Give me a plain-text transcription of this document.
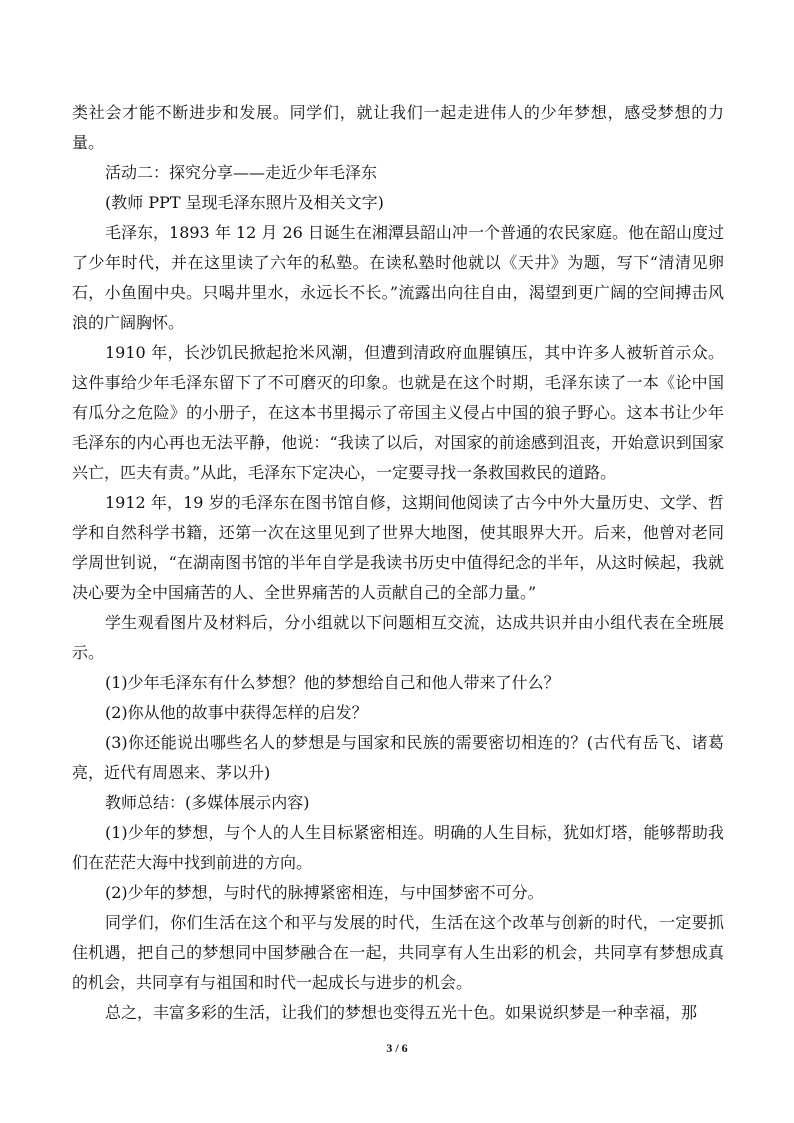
类社会才能不断进步和发展。同学们，就让我们一起走进伟人的少年梦想，感受梦想的力量。

活动二：探究分享——走近少年毛泽东

(教师 PPT 呈现毛泽东照片及相关文字)

毛泽东，1893 年 12 月 26 日诞生在湘潭县韶山冲一个普通的农民家庭。他在韶山度过了少年时代，并在这里读了六年的私塾。在读私塾时他就以《天井》为题，写下“清清见卵石，小鱼囿中央。只喝井里水，永远长不长。”流露出向往自由，渴望到更广阔的空间搏击风浪的广阔胸怀。

1910 年，长沙饥民掀起抢米风潮，但遭到清政府血腥镇压，其中许多人被斩首示众。这件事给少年毛泽东留下了不可磨灭的印象。也就是在这个时期，毛泽东读了一本《论中国有瓜分之危险》的小册子，在这本书里揭示了帝国主义侵占中国的狼子野心。这本书让少年毛泽东的内心再也无法平静，他说：“我读了以后，对国家的前途感到沮丧，开始意识到国家兴亡，匹夫有责。”从此，毛泽东下定决心，一定要寻找一条救国救民的道路。

1912 年，19 岁的毛泽东在图书馆自修，这期间他阅读了古今中外大量历史、文学、哲学和自然科学书籍，还第一次在这里见到了世界大地图，使其眼界大开。后来，他曾对老同学周世钊说，“在湖南图书馆的半年自学是我读书历史中值得纪念的半年，从这时候起，我就决心要为全中国痛苦的人、全世界痛苦的人贡献自己的全部力量。”

学生观看图片及材料后，分小组就以下问题相互交流，达成共识并由小组代表在全班展示。

(1)少年毛泽东有什么梦想？他的梦想给自己和他人带来了什么？

(2)你从他的故事中获得怎样的启发？

(3)你还能说出哪些名人的梦想是与国家和民族的需要密切相连的？(古代有岳飞、诸葛亮，近代有周恩来、茅以升)

教师总结：(多媒体展示内容)

(1)少年的梦想，与个人的人生目标紧密相连。明确的人生目标，犹如灯塔，能够帮助我们在茫茫大海中找到前进的方向。

(2)少年的梦想，与时代的脉搏紧密相连，与中国梦密不可分。

同学们，你们生活在这个和平与发展的时代，生活在这个改革与创新的时代，一定要抓住机遇，把自己的梦想同中国梦融合在一起，共同享有人生出彩的机会，共同享有梦想成真的机会，共同享有与祖国和时代一起成长与进步的机会。

总之，丰富多彩的生活，让我们的梦想也变得五光十色。如果说织梦是一种幸福，那

3 / 6
